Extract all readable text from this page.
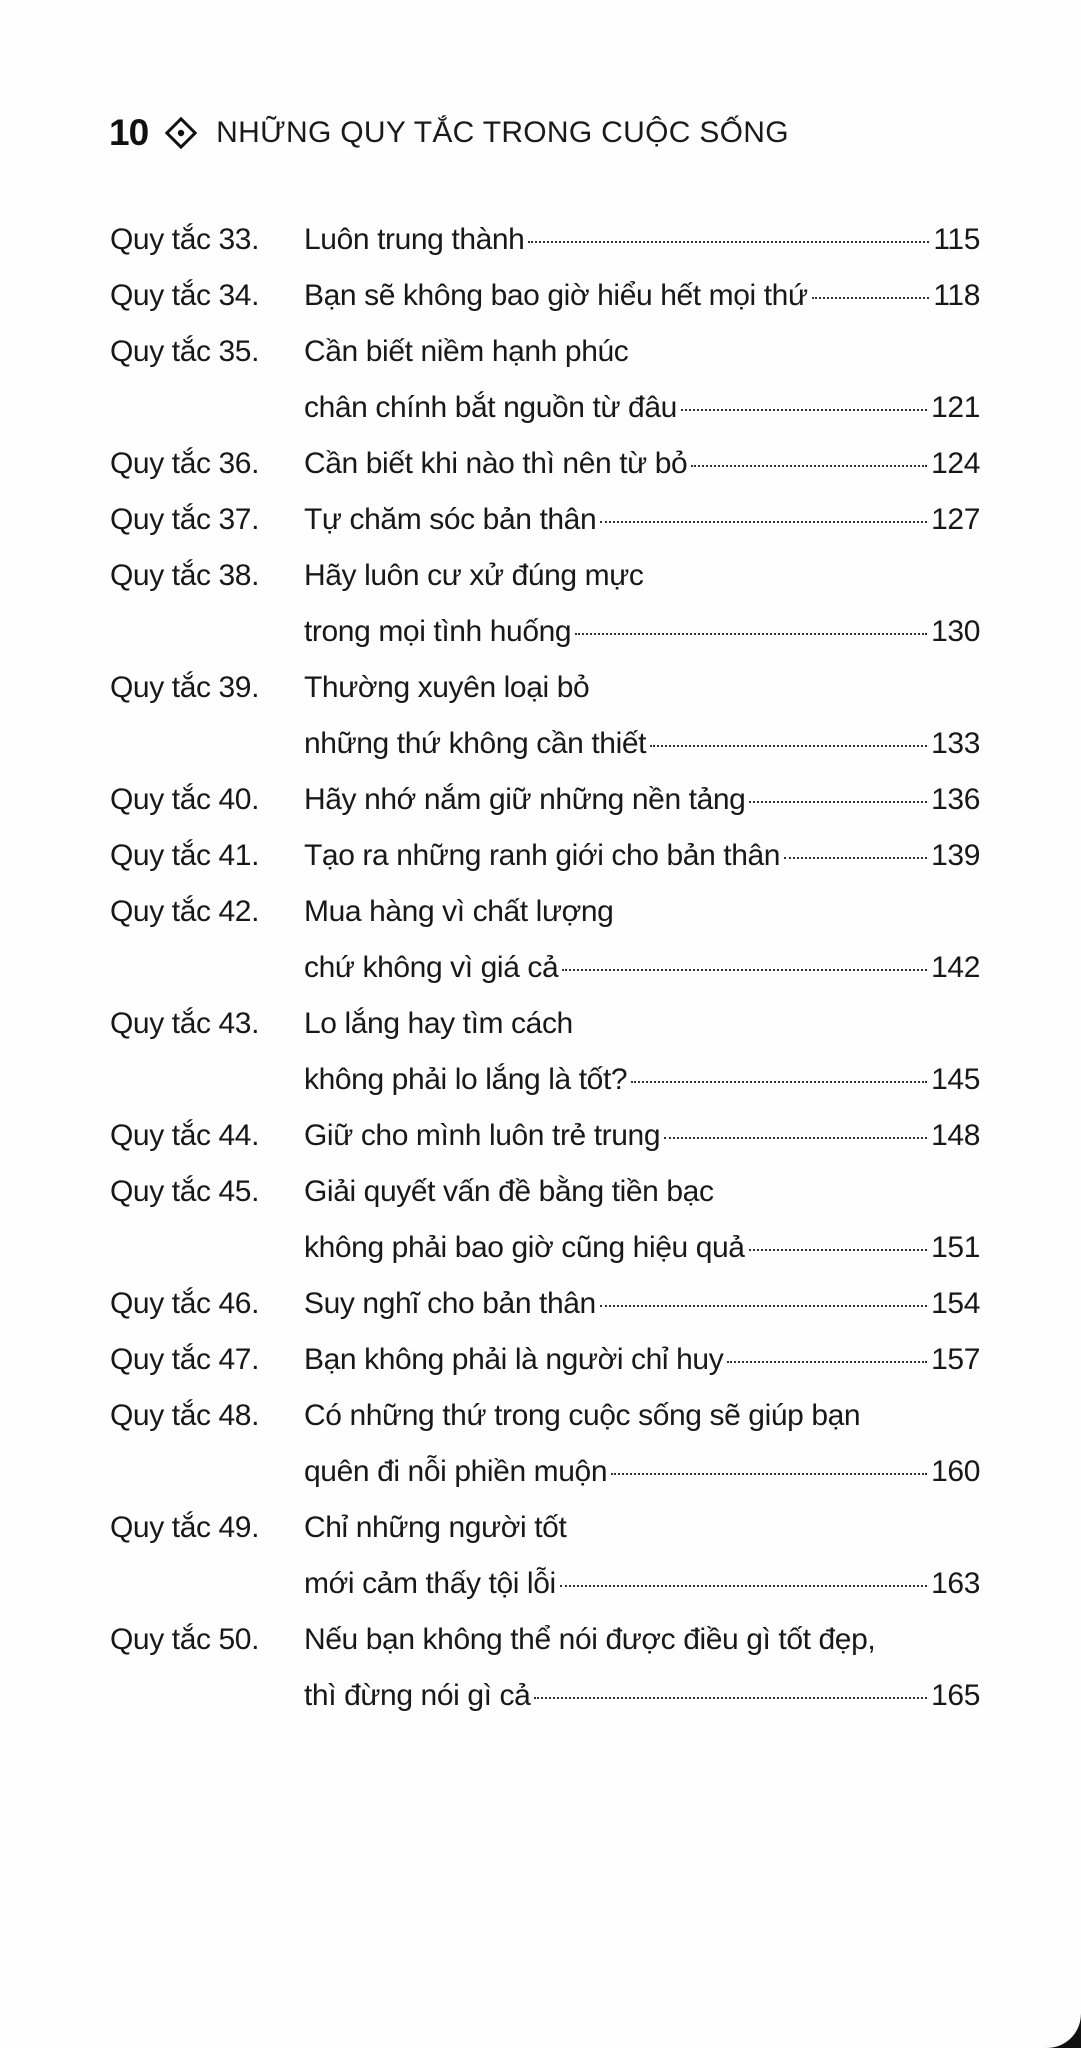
10 NHỮNG QUY TẮC TRONG CUỘC SỐNG
Quy tắc 33.	Luôn trung thành	115
Quy tắc 34.	Bạn sẽ không bao giờ hiểu hết mọi thứ	118
Quy tắc 35.	Cần biết niềm hạnh phúc
chân chính bắt nguồn từ đâu	121
Quy tắc 36.	Cần biết khi nào thì nên từ bỏ	124
Quy tắc 37.	Tự chăm sóc bản thân	127
Quy tắc 38.	Hãy luôn cư xử đúng mực
trong mọi tình huống	130
Quy tắc 39.	Thường xuyên loại bỏ
những thứ không cần thiết	133
Quy tắc 40.	Hãy nhớ nắm giữ những nền tảng	136
Quy tắc 41.	Tạo ra những ranh giới cho bản thân	139
Quy tắc 42.	Mua hàng vì chất lượng
chứ không vì giá cả	142
Quy tắc 43.	Lo lắng hay tìm cách
không phải lo lắng là tốt?	145
Quy tắc 44.	Giữ cho mình luôn trẻ trung	148
Quy tắc 45.	Giải quyết vấn đề bằng tiền bạc
không phải bao giờ cũng hiệu quả	151
Quy tắc 46.	Suy nghĩ cho bản thân	154
Quy tắc 47.	Bạn không phải là người chỉ huy	157
Quy tắc 48.	Có những thứ trong cuộc sống sẽ giúp bạn
quên đi nỗi phiền muộn	160
Quy tắc 49.	Chỉ những người tốt
mới cảm thấy tội lỗi	163
Quy tắc 50.	Nếu bạn không thể nói được điều gì tốt đẹp,
thì đừng nói gì cả	165
